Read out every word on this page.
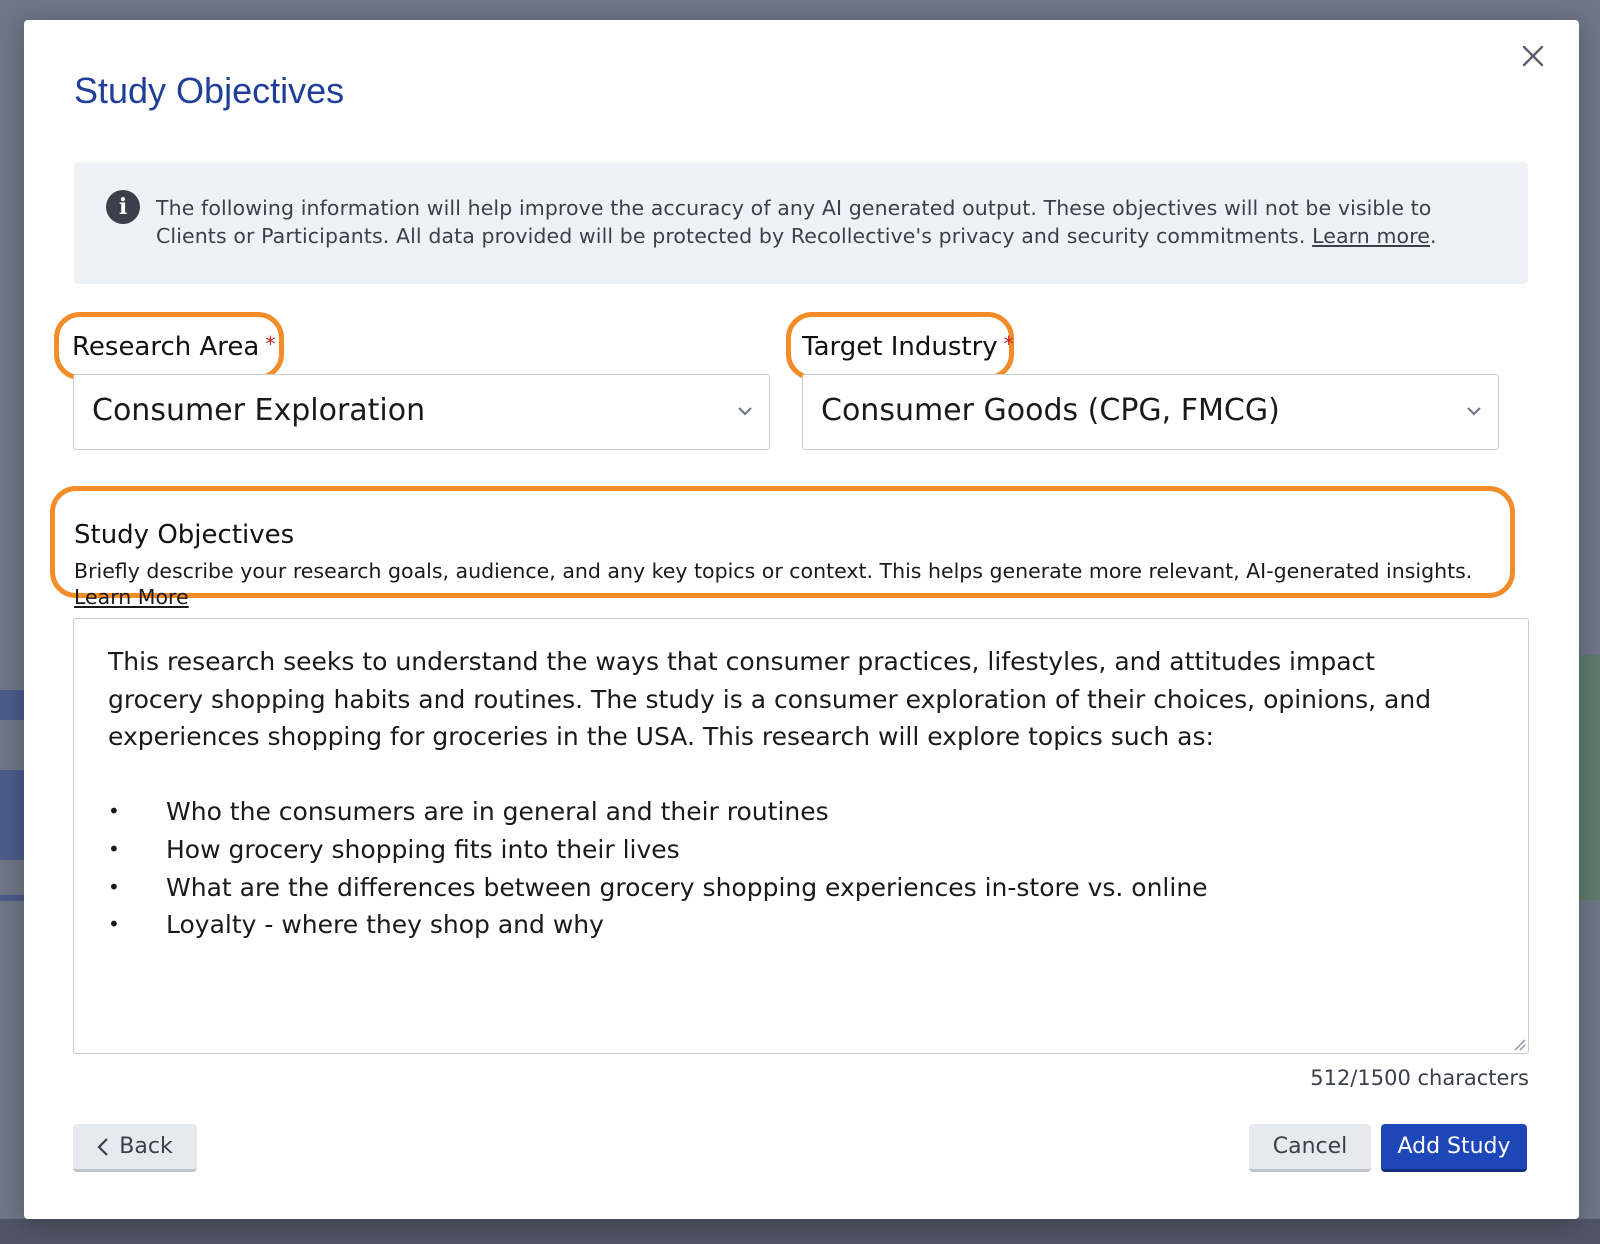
Study Objectives
i	The following information will help improve the accuracy of any AI generated output. These objectives will not be visible to Clients or Participants. All data provided will be protected by Recollective's privacy and security commitments. Learn more.
Research Area *
Consumer Exploration
Target Industry *
Consumer Goods (CPG, FMCG)
Study Objectives
Briefly describe your research goals, audience, and any key topics or context. This helps generate more relevant, AI-generated insights.
Learn More
This research seeks to understand the ways that consumer practices, lifestyles, and attitudes impact grocery shopping habits and routines. The study is a consumer exploration of their choices, opinions, and experiences shopping for groceries in the USA. This research will explore topics such as:
• Who the consumers are in general and their routines
• How grocery shopping fits into their lives
• What are the differences between grocery shopping experiences in-store vs. online
• Loyalty - where they shop and why
512/1500 characters
Back	Cancel	Add Study
